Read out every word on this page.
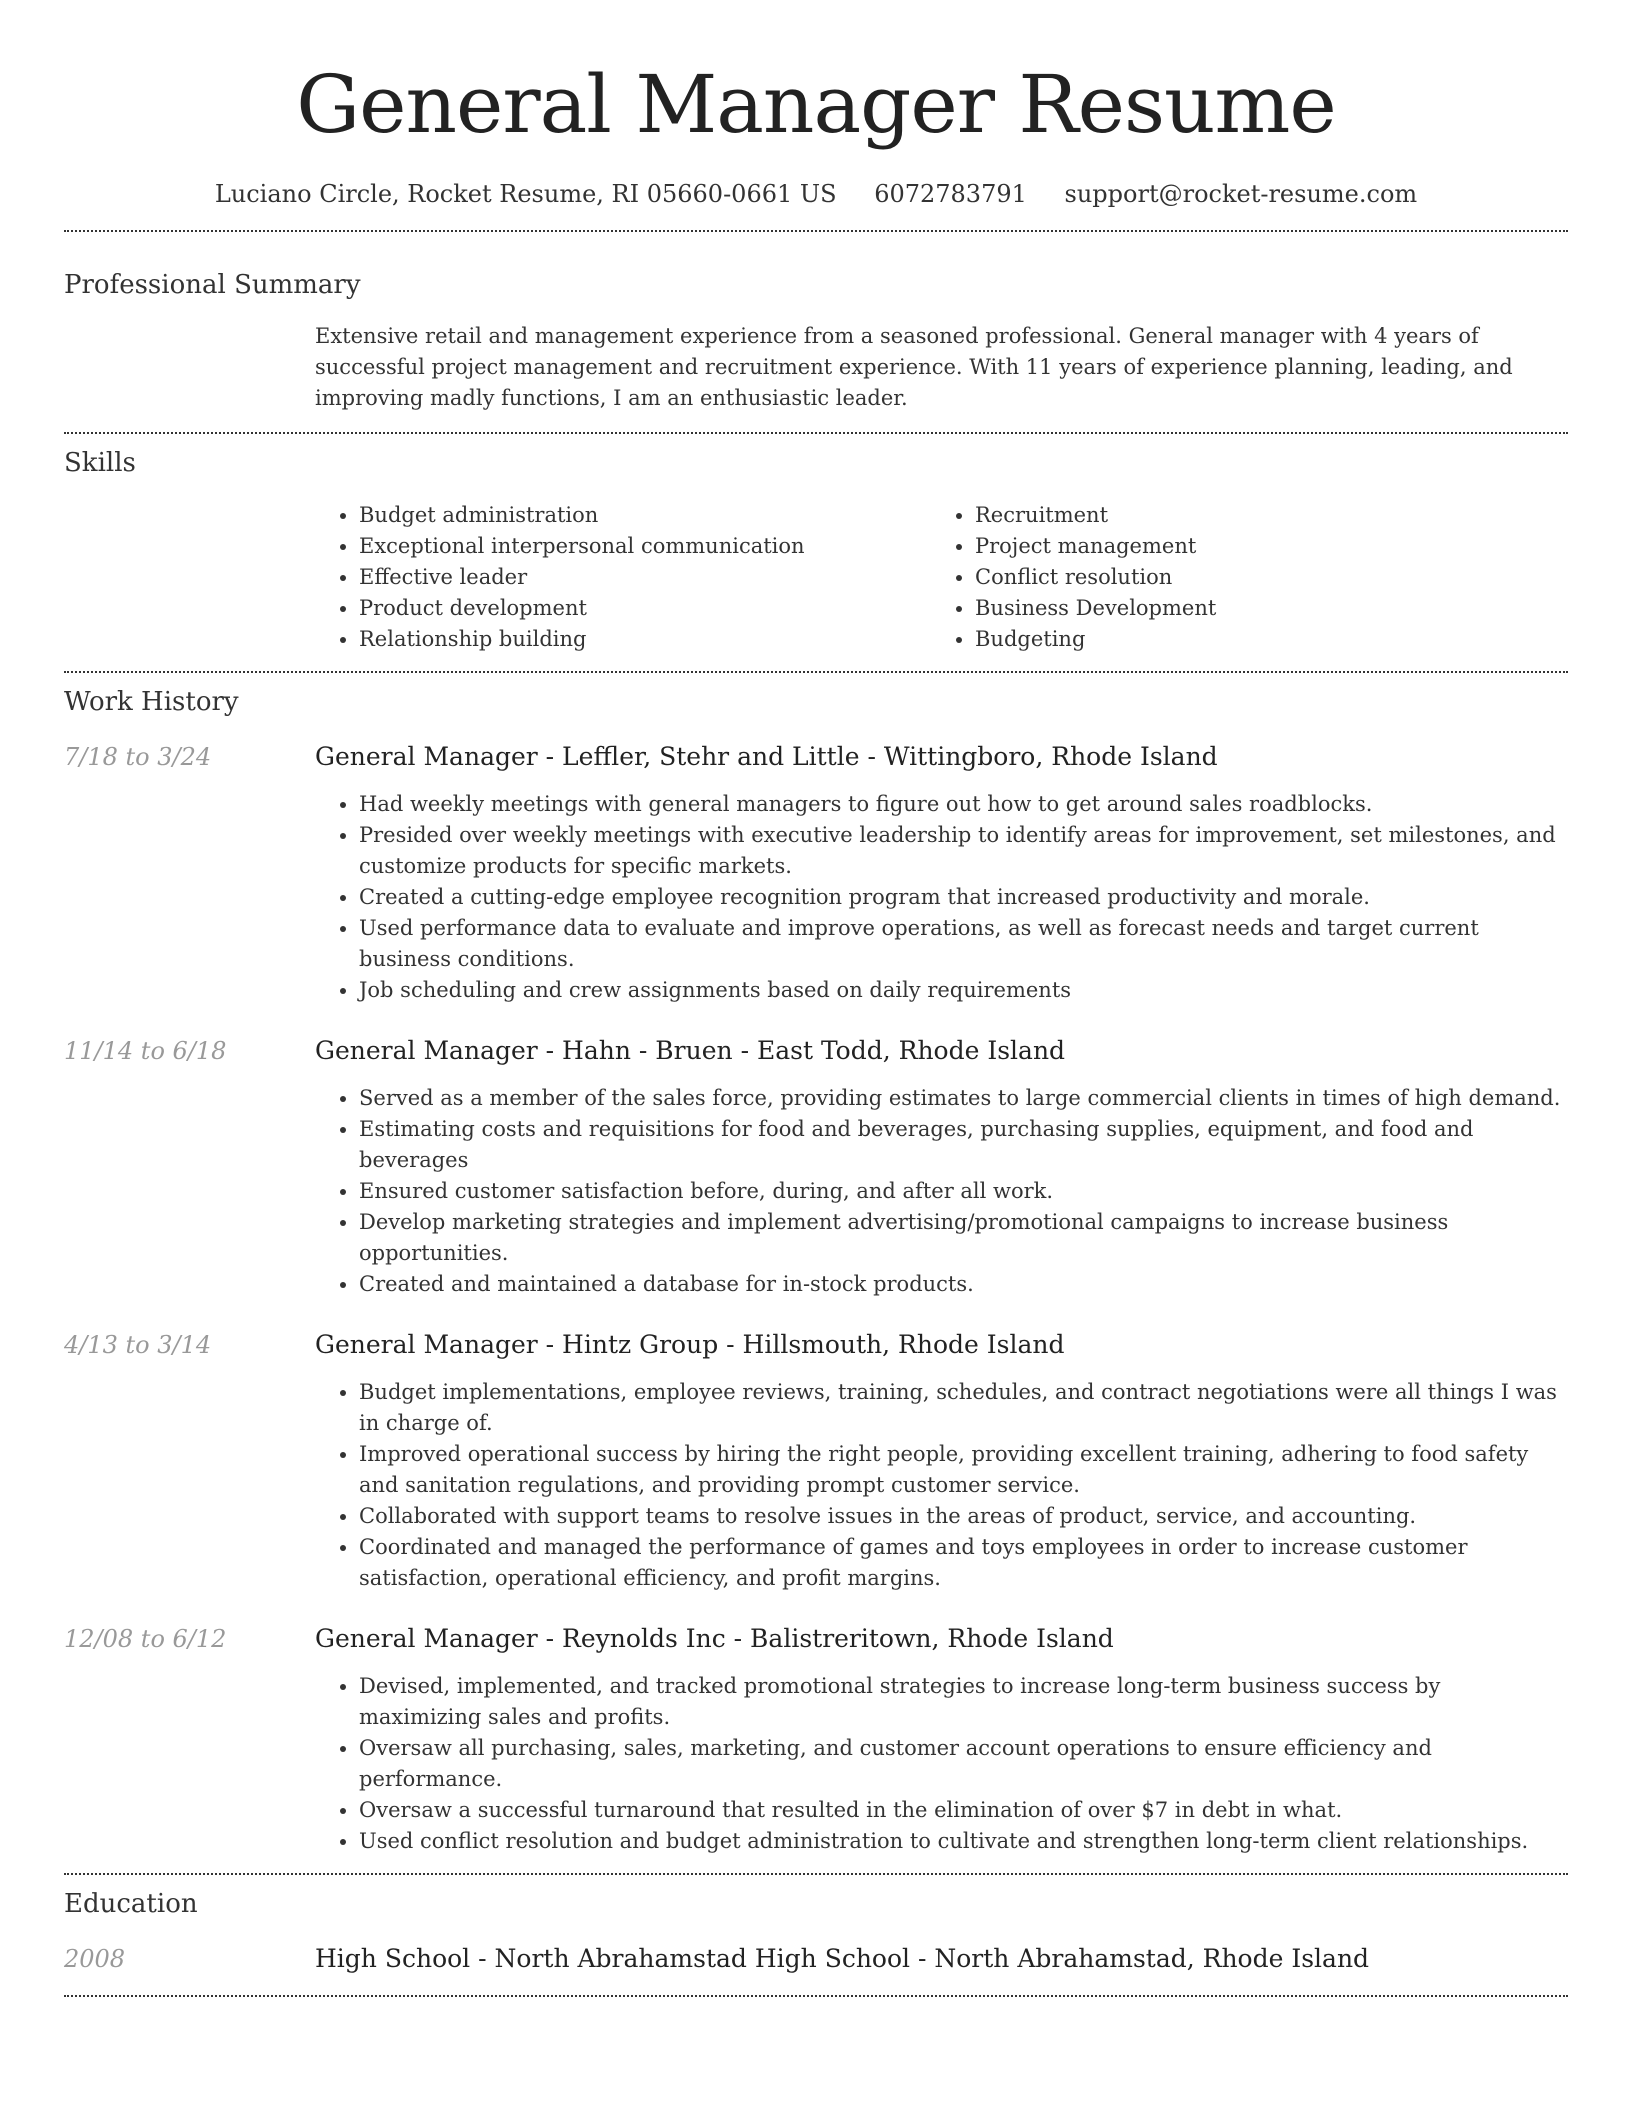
General Manager Resume
Luciano Circle, Rocket Resume, RI 05660-0661 US 6072783791 support@rocket-resume.com
Professional Summary

Extensive retail and management experience from a seasoned professional. General manager with 4 years of successful project management and recruitment experience. With 11 years of experience planning, leading, and improving madly functions, I am an enthusiastic leader.

Skills
• Budget administration
• Exceptional interpersonal communication
• Effective leader
• Product development
• Relationship building
• Recruitment
• Project management
• Conflict resolution
• Business Development
• Budgeting
Work History
7/18 to 3/24	General Manager - Leffler, Stehr and Little - Wittingboro, Rhode Island
• Had weekly meetings with general managers to figure out how to get around sales roadblocks.
• Presided over weekly meetings with executive leadership to identify areas for improvement, set milestones, and customize products for specific markets.
• Created a cutting-edge employee recognition program that increased productivity and morale.
• Used performance data to evaluate and improve operations, as well as forecast needs and target current business conditions.
• Job scheduling and crew assignments based on daily requirements
11/14 to 6/18	General Manager - Hahn - Bruen - East Todd, Rhode Island
• Served as a member of the sales force, providing estimates to large commercial clients in times of high demand.
• Estimating costs and requisitions for food and beverages, purchasing supplies, equipment, and food and beverages
• Ensured customer satisfaction before, during, and after all work.
• Develop marketing strategies and implement advertising/promotional campaigns to increase business opportunities.
• Created and maintained a database for in-stock products.
4/13 to 3/14	General Manager - Hintz Group - Hillsmouth, Rhode Island
• Budget implementations, employee reviews, training, schedules, and contract negotiations were all things I was in charge of.
• Improved operational success by hiring the right people, providing excellent training, adhering to food safety and sanitation regulations, and providing prompt customer service.
• Collaborated with support teams to resolve issues in the areas of product, service, and accounting.
• Coordinated and managed the performance of games and toys employees in order to increase customer satisfaction, operational efficiency, and profit margins.
12/08 to 6/12	General Manager - Reynolds Inc - Balistreritown, Rhode Island
• Devised, implemented, and tracked promotional strategies to increase long-term business success by maximizing sales and profits.
• Oversaw all purchasing, sales, marketing, and customer account operations to ensure efficiency and performance.
• Oversaw a successful turnaround that resulted in the elimination of over $7 in debt in what.
• Used conflict resolution and budget administration to cultivate and strengthen long-term client relationships.
Education
2008	High School - North Abrahamstad High School - North Abrahamstad, Rhode Island
